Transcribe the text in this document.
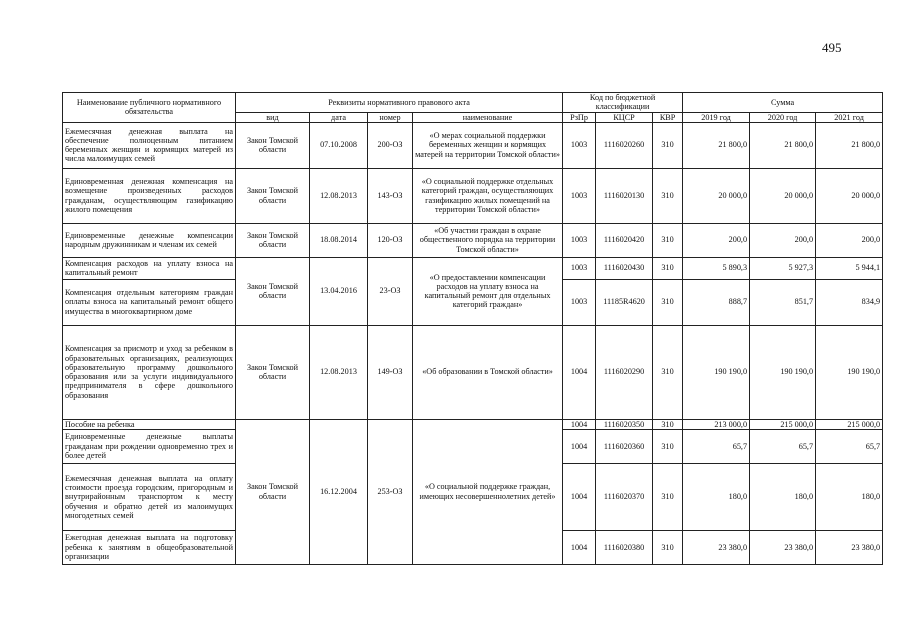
495
Наименование публичного нормативного обязательства	Реквизиты нормативного правового акта				Код по бюджетной классификации			Сумма		
	вид	дата	номер	наименование	РзПр	КЦСР	КВР	2019 год	2020 год	2021 год
Ежемесячная денежная выплата на обеспечение полноценным питанием беременных женщин и кормящих матерей из числа малоимущих семей	Закон Томской области	07.10.2008	200-ОЗ	«О мерах социальной поддержки беременных женщин и кормящих матерей на территории Томской области»	1003	1116020260	310	21 800,0	21 800,0	21 800,0
Единовременная денежная компенсация на возмещение произведенных расходов гражданам, осуществляющим газификацию жилого помещения	Закон Томской области	12.08.2013	143-ОЗ	«О социальной поддержке отдельных категорий граждан, осуществляющих газификацию жилых помещений на территории Томской области»	1003	1116020130	310	20 000,0	20 000,0	20 000,0
Единовременные денежные компенсации народным дружинникам и членам их семей	Закон Томской области	18.08.2014	120-ОЗ	«Об участии граждан в охране общественного порядка на территории Томской области»	1003	1116020420	310	200,0	200,0	200,0
Компенсация расходов на уплату взноса на капитальный ремонт	Закон Томской области	13.04.2016	23-ОЗ	«О предоставлении компенсации расходов на уплату взноса на капитальный ремонт для отдельных категорий граждан»	1003	1116020430	310	5 890,3	5 927,3	5 944,1
Компенсация отдельным категориям граждан оплаты взноса на капитальный ремонт общего имущества в многоквартирном доме					1003	11185R4620	310	888,7	851,7	834,9
Компенсация за присмотр и уход за ребенком в образовательных организациях, реализующих образовательную программу дошкольного образования или за услуги индивидуального предпринимателя в сфере дошкольного образования	Закон Томской области	12.08.2013	149-ОЗ	«Об образовании в Томской области»	1004	1116020290	310	190 190,0	190 190,0	190 190,0
Пособие на ребенка	Закон Томской области	16.12.2004	253-ОЗ	«О социальной поддержке граждан, имеющих несовершеннолетних детей»	1004	1116020350	310	213 000,0	215 000,0	215 000,0
Единовременные денежные выплаты гражданам при рождении одновременно трех и более детей					1004	1116020360	310	65,7	65,7	65,7
Ежемесячная денежная выплата на оплату стоимости проезда городским, пригородным и внутрирайонным транспортом к месту обучения и обратно детей из малоимущих многодетных семей					1004	1116020370	310	180,0	180,0	180,0
Ежегодная денежная выплата на подготовку ребенка к занятиям в общеобразовательной организации					1004	1116020380	310	23 380,0	23 380,0	23 380,0
